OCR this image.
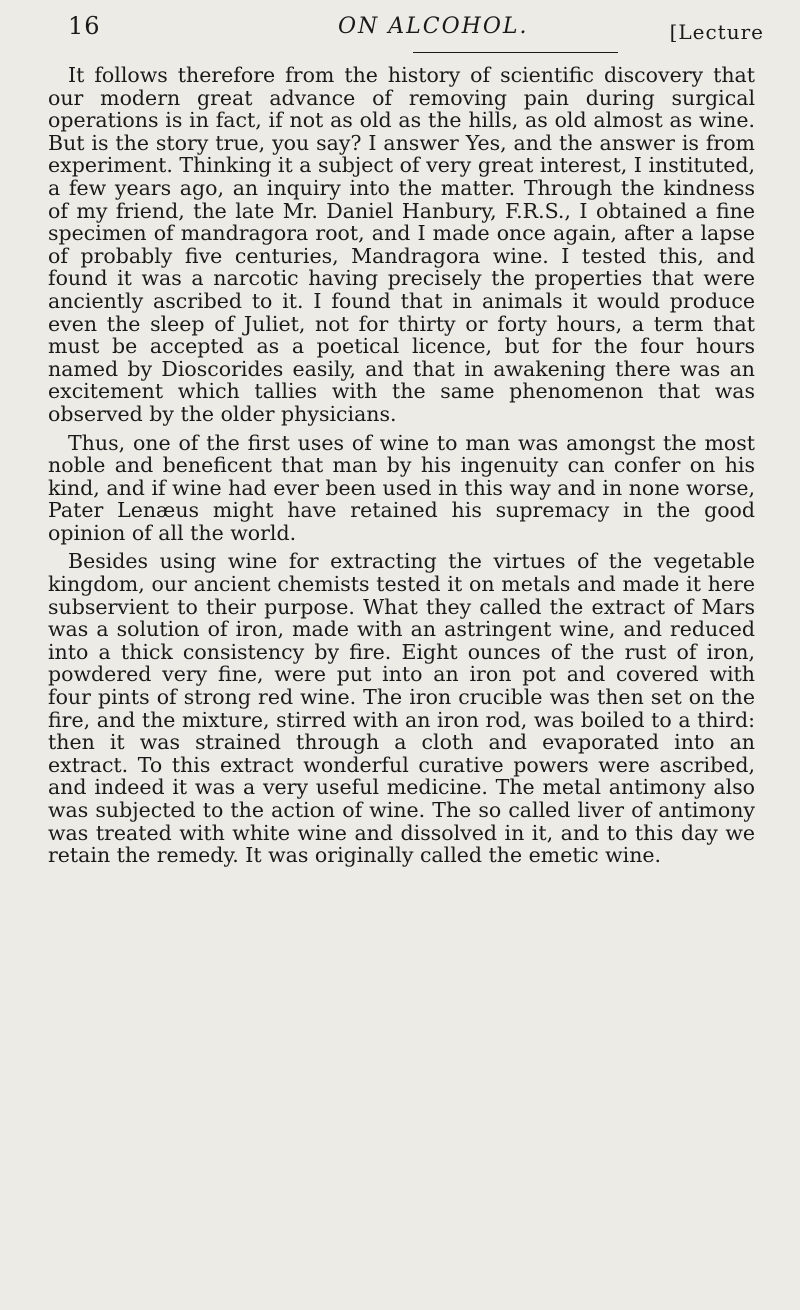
16	ON ALCOHOL.	[Lecture

It follows therefore from the history of scientific discovery that our modern great advance of removing pain during surgical operations is in fact, if not as old as the hills, as old almost as wine. But is the story true, you say? I answer Yes, and the answer is from experiment. Thinking it a subject of very great interest, I instituted, a few years ago, an inquiry into the matter. Through the kindness of my friend, the late Mr. Daniel Hanbury, F.R.S., I obtained a fine specimen of mandragora root, and I made once again, after a lapse of probably five centuries, Mandragora wine. I tested this, and found it was a narcotic having precisely the properties that were anciently ascribed to it. I found that in animals it would produce even the sleep of Juliet, not for thirty or forty hours, a term that must be accepted as a poetical licence, but for the four hours named by Dioscorides easily, and that in awakening there was an excitement which tallies with the same phenomenon that was observed by the older physicians.

Thus, one of the first uses of wine to man was amongst the most noble and beneficent that man by his ingenuity can confer on his kind, and if wine had ever been used in this way and in none worse, Pater Lenæus might have retained his supremacy in the good opinion of all the world.

Besides using wine for extracting the virtues of the vegetable kingdom, our ancient chemists tested it on metals and made it here subservient to their purpose. What they called the extract of Mars was a solution of iron, made with an astringent wine, and reduced into a thick consistency by fire. Eight ounces of the rust of iron, powdered very fine, were put into an iron pot and covered with four pints of strong red wine. The iron crucible was then set on the fire, and the mixture, stirred with an iron rod, was boiled to a third: then it was strained through a cloth and evaporated into an extract. To this extract wonderful curative powers were ascribed, and indeed it was a very useful medicine. The metal antimony also was subjected to the action of wine. The so called liver of antimony was treated with white wine and dissolved in it, and to this day we retain the remedy. It was originally called the emetic wine.
